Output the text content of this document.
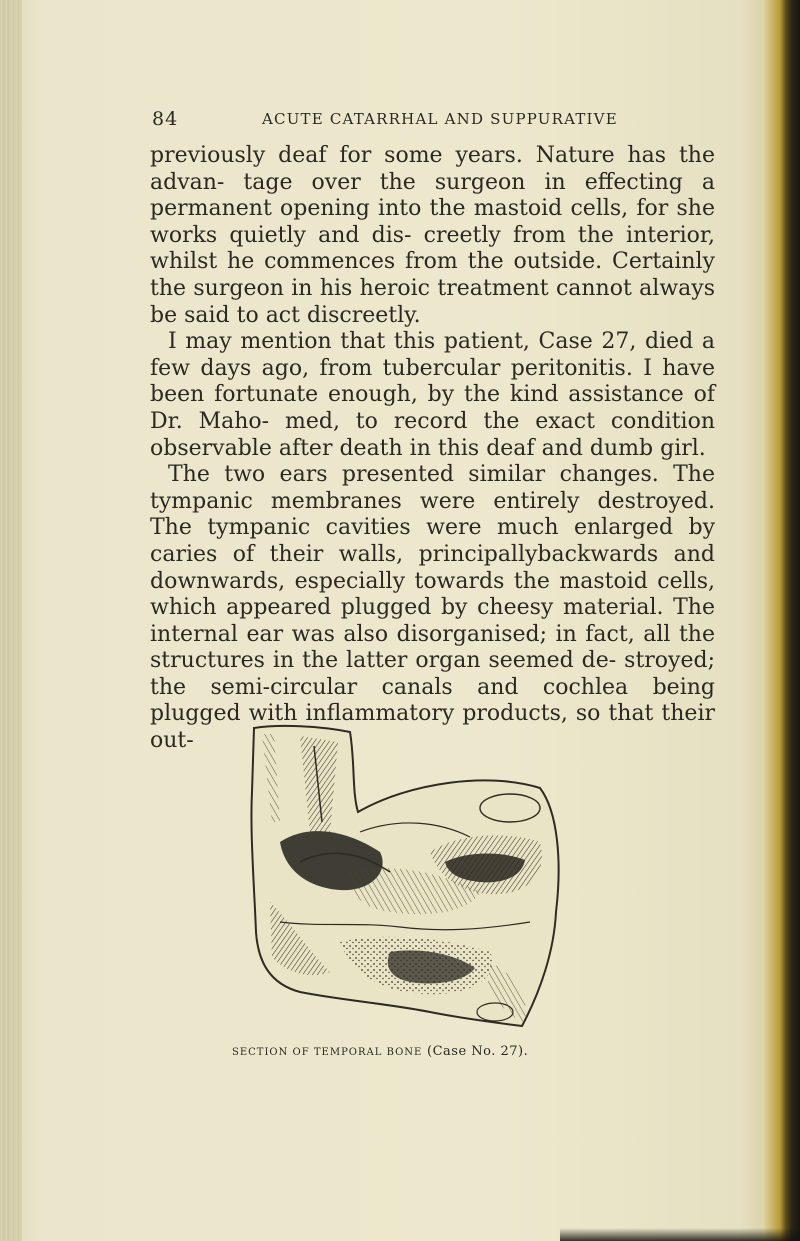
84	ACUTE CATARRHAL AND SUPPURATIVE

previously deaf for some years. Nature has the advan- tage over the surgeon in effecting a permanent opening into the mastoid cells, for she works quietly and dis- creetly from the interior, whilst he commences from the outside. Certainly the surgeon in his heroic treatment cannot always be said to act discreetly.

I may mention that this patient, Case 27, died a few days ago, from tubercular peritonitis. I have been fortunate enough, by the kind assistance of Dr. Maho- med, to record the exact condition observable after death in this deaf and dumb girl.

The two ears presented similar changes. The tympanic membranes were entirely destroyed. The tympanic cavities were much enlarged by caries of their walls, principallybackwards and downwards, especially towards the mastoid cells, which appeared plugged by cheesy material. The internal ear was also disorganised; in fact, all the structures in the latter organ seemed de- stroyed; the semi-circular canals and cochlea being plugged with inflammatory products, so that their out-

SECTION OF TEMPORAL BONE (Case No. 27).
